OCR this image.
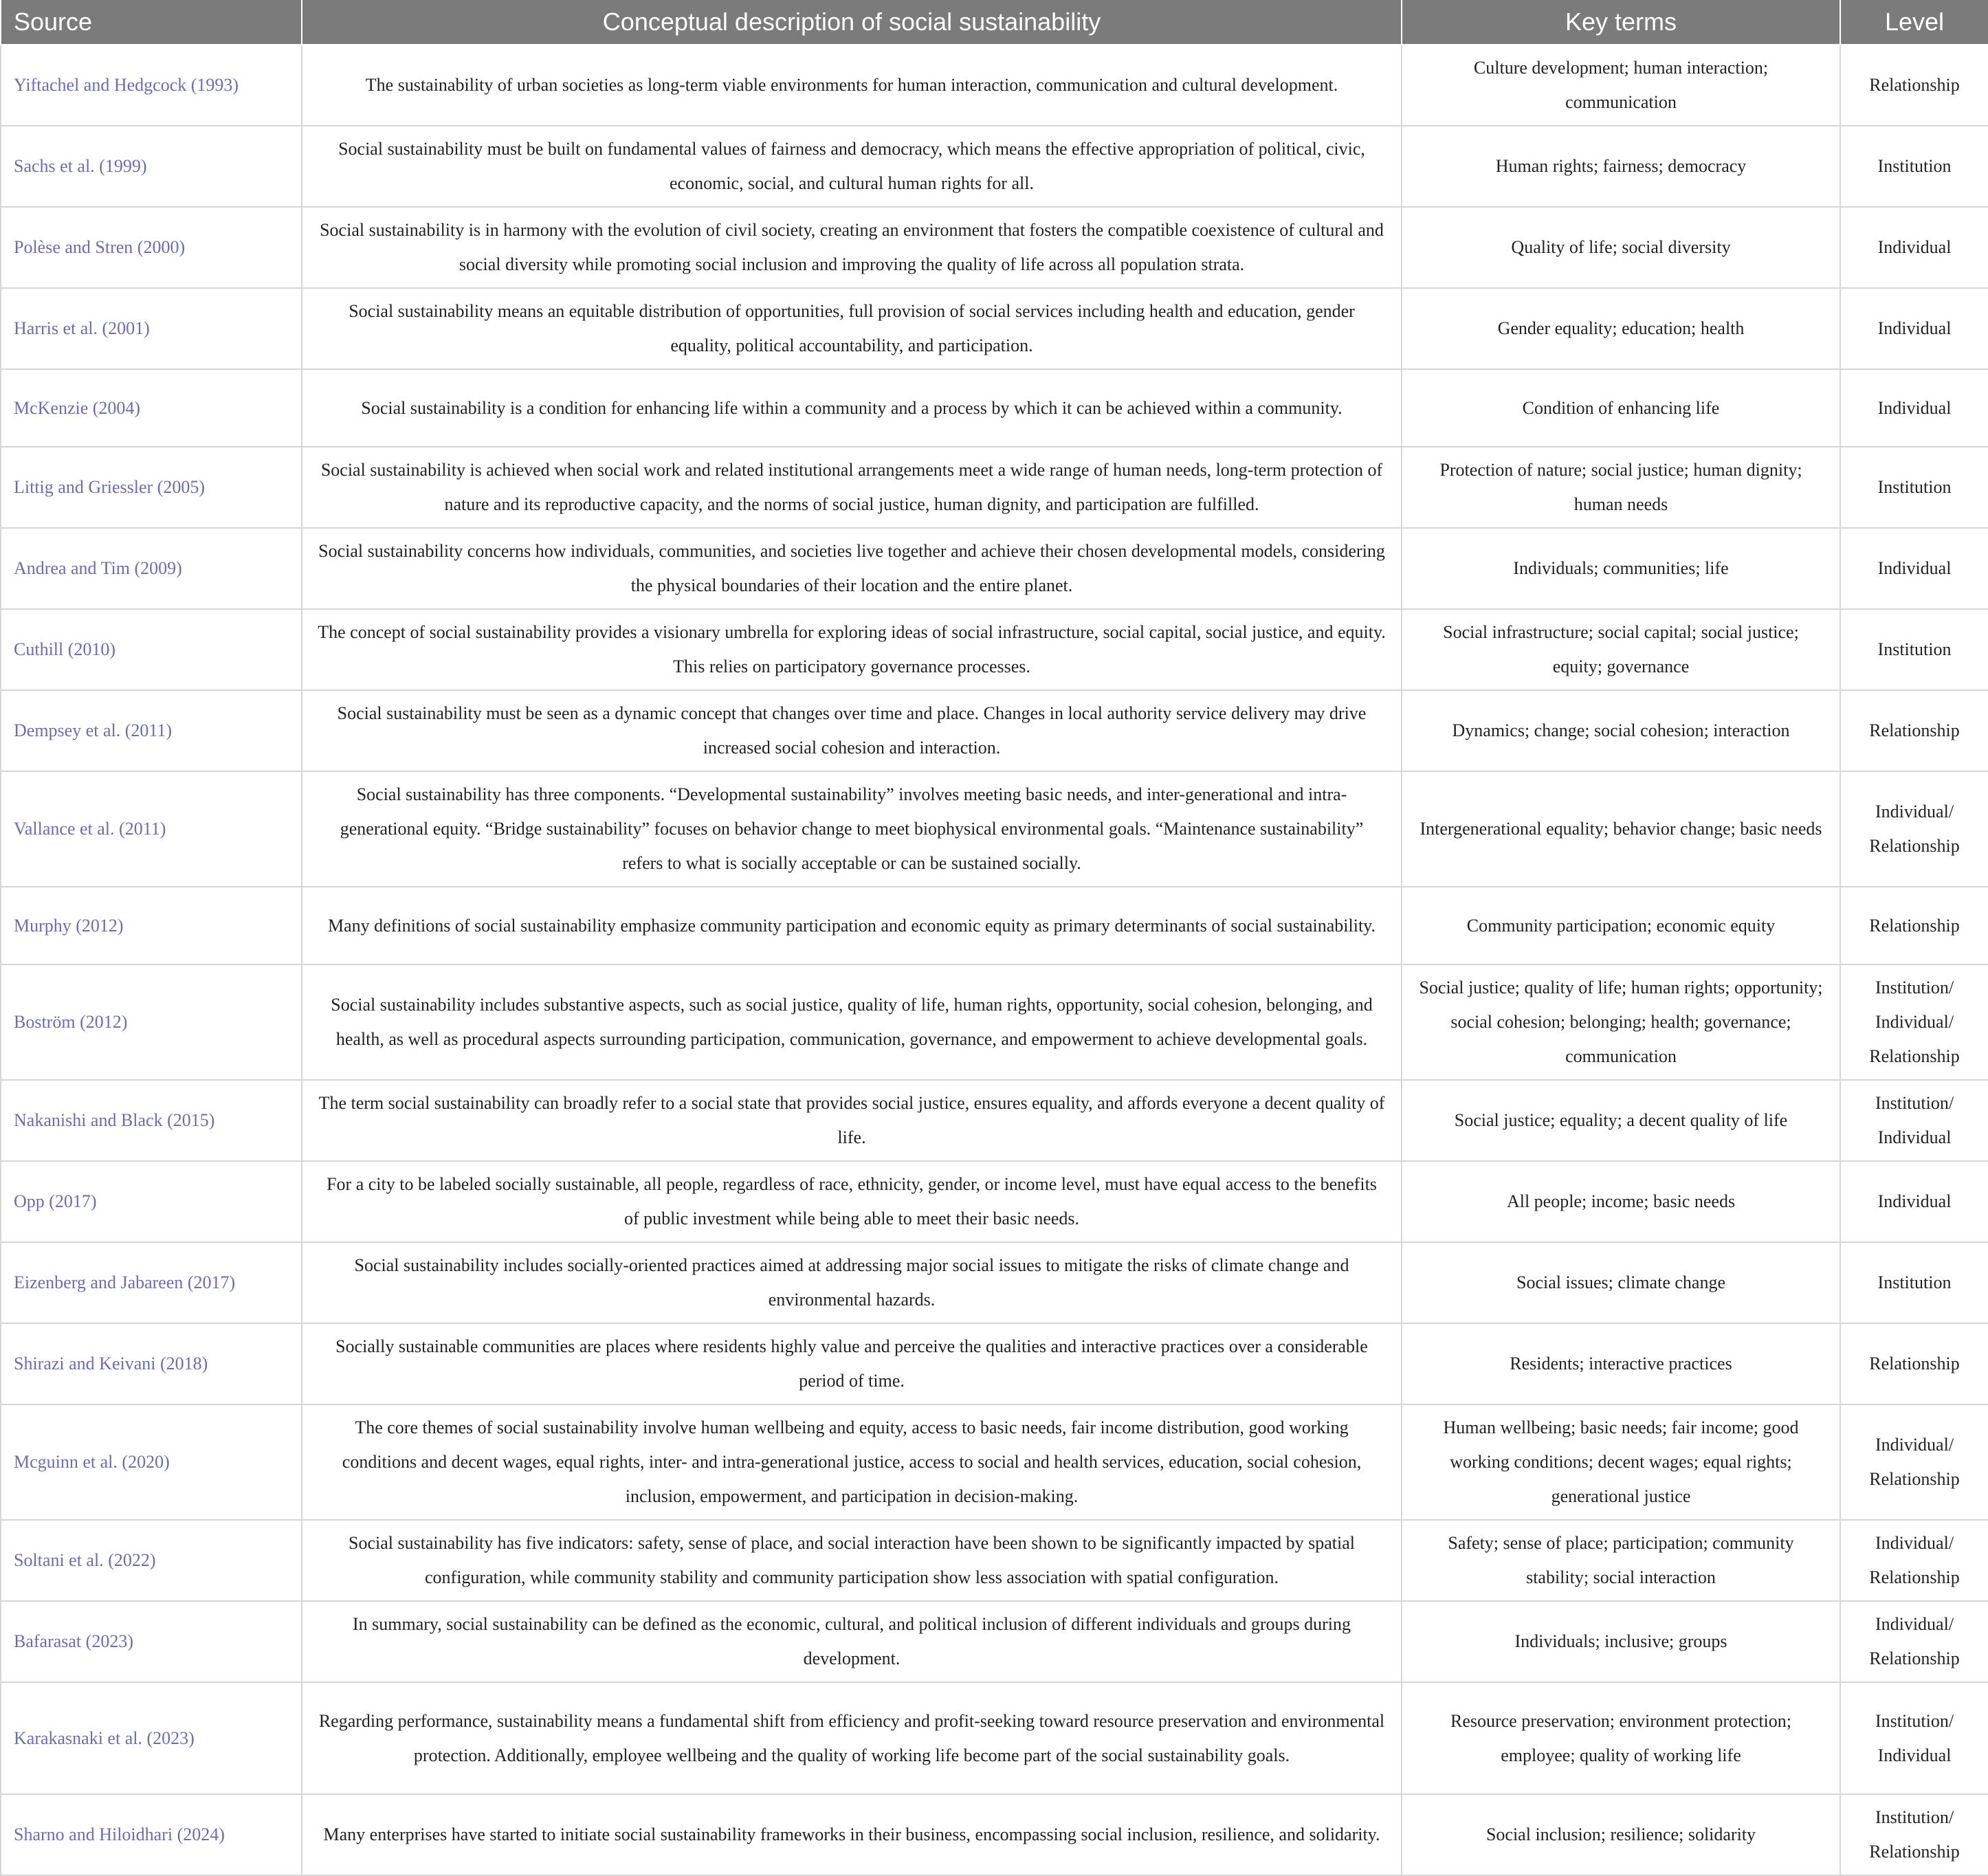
Source	Conceptual description of social sustainability	Key terms	Level
Yiftachel and Hedgcock (1993)	The sustainability of urban societies as long-term viable environments for human interaction, communication and cultural development.	Culture development; human interaction; communication	Relationship
Sachs et al. (1999)	Social sustainability must be built on fundamental values of fairness and democracy, which means the effective appropriation of political, civic, economic, social, and cultural human rights for all.	Human rights; fairness; democracy	Institution
Polèse and Stren (2000)	Social sustainability is in harmony with the evolution of civil society, creating an environment that fosters the compatible coexistence of cultural and social diversity while promoting social inclusion and improving the quality of life across all population strata.	Quality of life; social diversity	Individual
Harris et al. (2001)	Social sustainability means an equitable distribution of opportunities, full provision of social services including health and education, gender equality, political accountability, and participation.	Gender equality; education; health	Individual
McKenzie (2004)	Social sustainability is a condition for enhancing life within a community and a process by which it can be achieved within a community.	Condition of enhancing life	Individual
Littig and Griessler (2005)	Social sustainability is achieved when social work and related institutional arrangements meet a wide range of human needs, long-term protection of nature and its reproductive capacity, and the norms of social justice, human dignity, and participation are fulfilled.	Protection of nature; social justice; human dignity; human needs	Institution
Andrea and Tim (2009)	Social sustainability concerns how individuals, communities, and societies live together and achieve their chosen developmental models, considering the physical boundaries of their location and the entire planet.	Individuals; communities; life	Individual
Cuthill (2010)	The concept of social sustainability provides a visionary umbrella for exploring ideas of social infrastructure, social capital, social justice, and equity. This relies on participatory governance processes.	Social infrastructure; social capital; social justice; equity; governance	Institution
Dempsey et al. (2011)	Social sustainability must be seen as a dynamic concept that changes over time and place. Changes in local authority service delivery may drive increased social cohesion and interaction.	Dynamics; change; social cohesion; interaction	Relationship
Vallance et al. (2011)	Social sustainability has three components. “Developmental sustainability” involves meeting basic needs, and inter-generational and intra-generational equity. “Bridge sustainability” focuses on behavior change to meet biophysical environmental goals. “Maintenance sustainability” refers to what is socially acceptable or can be sustained socially.	Intergenerational equality; behavior change; basic needs	Individual/ Relationship
Murphy (2012)	Many definitions of social sustainability emphasize community participation and economic equity as primary determinants of social sustainability.	Community participation; economic equity	Relationship
Boström (2012)	Social sustainability includes substantive aspects, such as social justice, quality of life, human rights, opportunity, social cohesion, belonging, and health, as well as procedural aspects surrounding participation, communication, governance, and empowerment to achieve developmental goals.	Social justice; quality of life; human rights; opportunity; social cohesion; belonging; health; governance; communication	Institution/ Individual/ Relationship
Nakanishi and Black (2015)	The term social sustainability can broadly refer to a social state that provides social justice, ensures equality, and affords everyone a decent quality of life.	Social justice; equality; a decent quality of life	Institution/ Individual
Opp (2017)	For a city to be labeled socially sustainable, all people, regardless of race, ethnicity, gender, or income level, must have equal access to the benefits of public investment while being able to meet their basic needs.	All people; income; basic needs	Individual
Eizenberg and Jabareen (2017)	Social sustainability includes socially-oriented practices aimed at addressing major social issues to mitigate the risks of climate change and environmental hazards.	Social issues; climate change	Institution
Shirazi and Keivani (2018)	Socially sustainable communities are places where residents highly value and perceive the qualities and interactive practices over a considerable period of time.	Residents; interactive practices	Relationship
Mcguinn et al. (2020)	The core themes of social sustainability involve human wellbeing and equity, access to basic needs, fair income distribution, good working conditions and decent wages, equal rights, inter- and intra-generational justice, access to social and health services, education, social cohesion, inclusion, empowerment, and participation in decision-making.	Human wellbeing; basic needs; fair income; good working conditions; decent wages; equal rights; generational justice	Individual/ Relationship
Soltani et al. (2022)	Social sustainability has five indicators: safety, sense of place, and social interaction have been shown to be significantly impacted by spatial configuration, while community stability and community participation show less association with spatial configuration.	Safety; sense of place; participation; community stability; social interaction	Individual/ Relationship
Bafarasat (2023)	In summary, social sustainability can be defined as the economic, cultural, and political inclusion of different individuals and groups during development.	Individuals; inclusive; groups	Individual/ Relationship
Karakasnaki et al. (2023)	Regarding performance, sustainability means a fundamental shift from efficiency and profit-seeking toward resource preservation and environmental protection. Additionally, employee wellbeing and the quality of working life become part of the social sustainability goals.	Resource preservation; environment protection; employee; quality of working life	Institution/ Individual
Sharno and Hiloidhari (2024)	Many enterprises have started to initiate social sustainability frameworks in their business, encompassing social inclusion, resilience, and solidarity.	Social inclusion; resilience; solidarity	Institution/ Relationship
